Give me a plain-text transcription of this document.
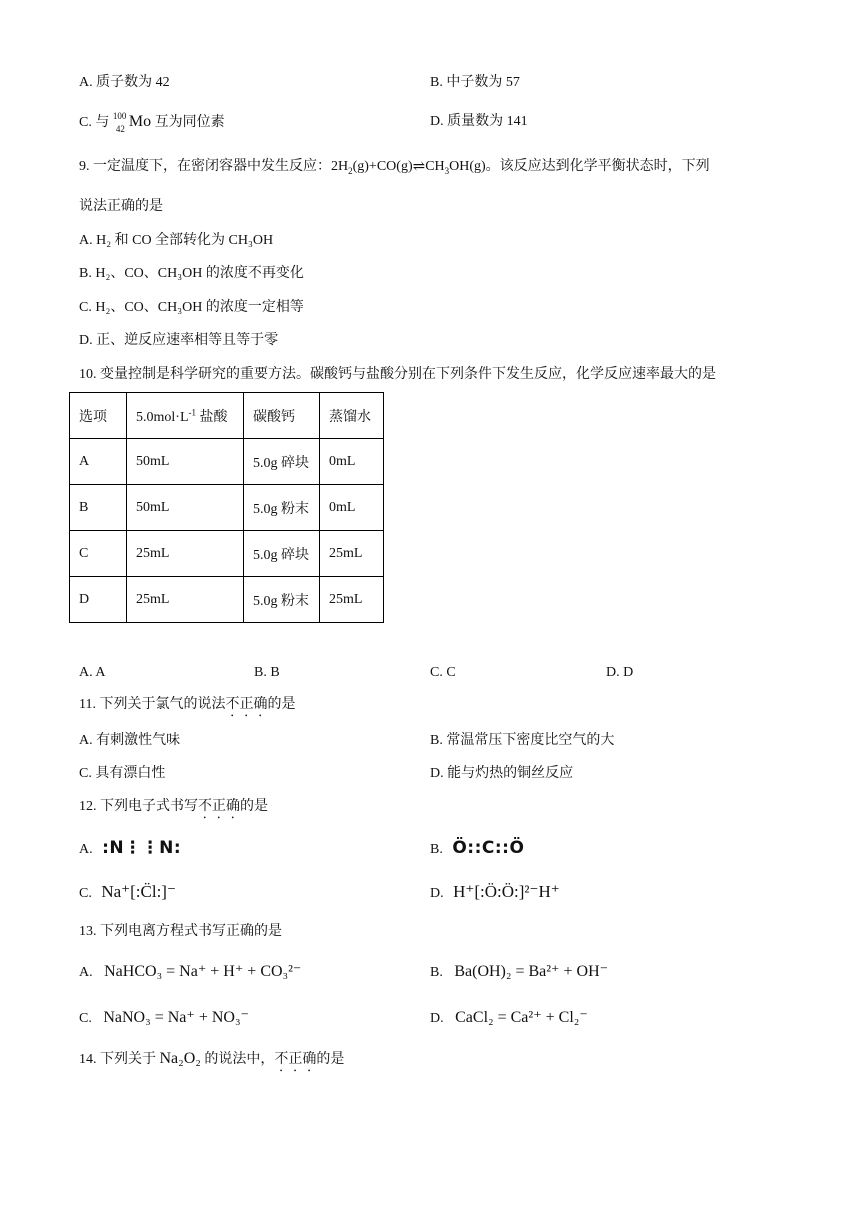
A. 质子数为 42	B. 中子数为 57
C. 与 100
42 Mo 互为同位素	D. 质量数为 141
9. 一定温度下，在密闭容器中发生反应：$2H_2(g)+CO(g)\rightleftharpoons CH_3OH(g)$。该反应达到化学平衡状态时，下列
说法正确的是
A. H₂ 和 CO 全部转化为 CH₃OH
B. H₂、CO、CH₃OH 的浓度不再变化
C. H₂、CO、CH₃OH 的浓度一定相等
D. 正、逆反应速率相等且等于零
10. 变量控制是科学研究的重要方法。碳酸钙与盐酸分别在下列条件下发生反应，化学反应速率最大的是
选项	$5.0mol\cdot L^{-1}$ 盐酸	碳酸钙	蒸馏水
A	50mL	5.0g 碎块	0mL
B	50mL	5.0g 粉末	0mL
C	25mL	5.0g 碎块	25mL
D	25mL	5.0g 粉末	25mL
A. A	B. B	C. C	D. D
11. 下列关于氯气的说法不正确的是
A. 有刺激性气味	B. 常温常压下密度比空气的大
C. 具有漂白性	D. 能与灼热的铜丝反应
12. 下列电子式书写不正确的是
A. :N⋮⋮N:	B. Ö::C::Ö
C. Na⁺[:C̈l:]⁻	D. H⁺[:Ö:Ö:]²⁻H⁺
13. 下列电离方程式书写正确的是
A. NaHCO₃ = Na⁺ + H⁺ + CO₃²⁻	B. Ba(OH)₂ = Ba²⁺ + OH⁻
C. NaNO₃ = Na⁺ + NO₃⁻	D. CaCl₂ = Ca²⁺ + Cl₂⁻
14. 下列关于 Na₂O₂ 的说法中，不正确的是
